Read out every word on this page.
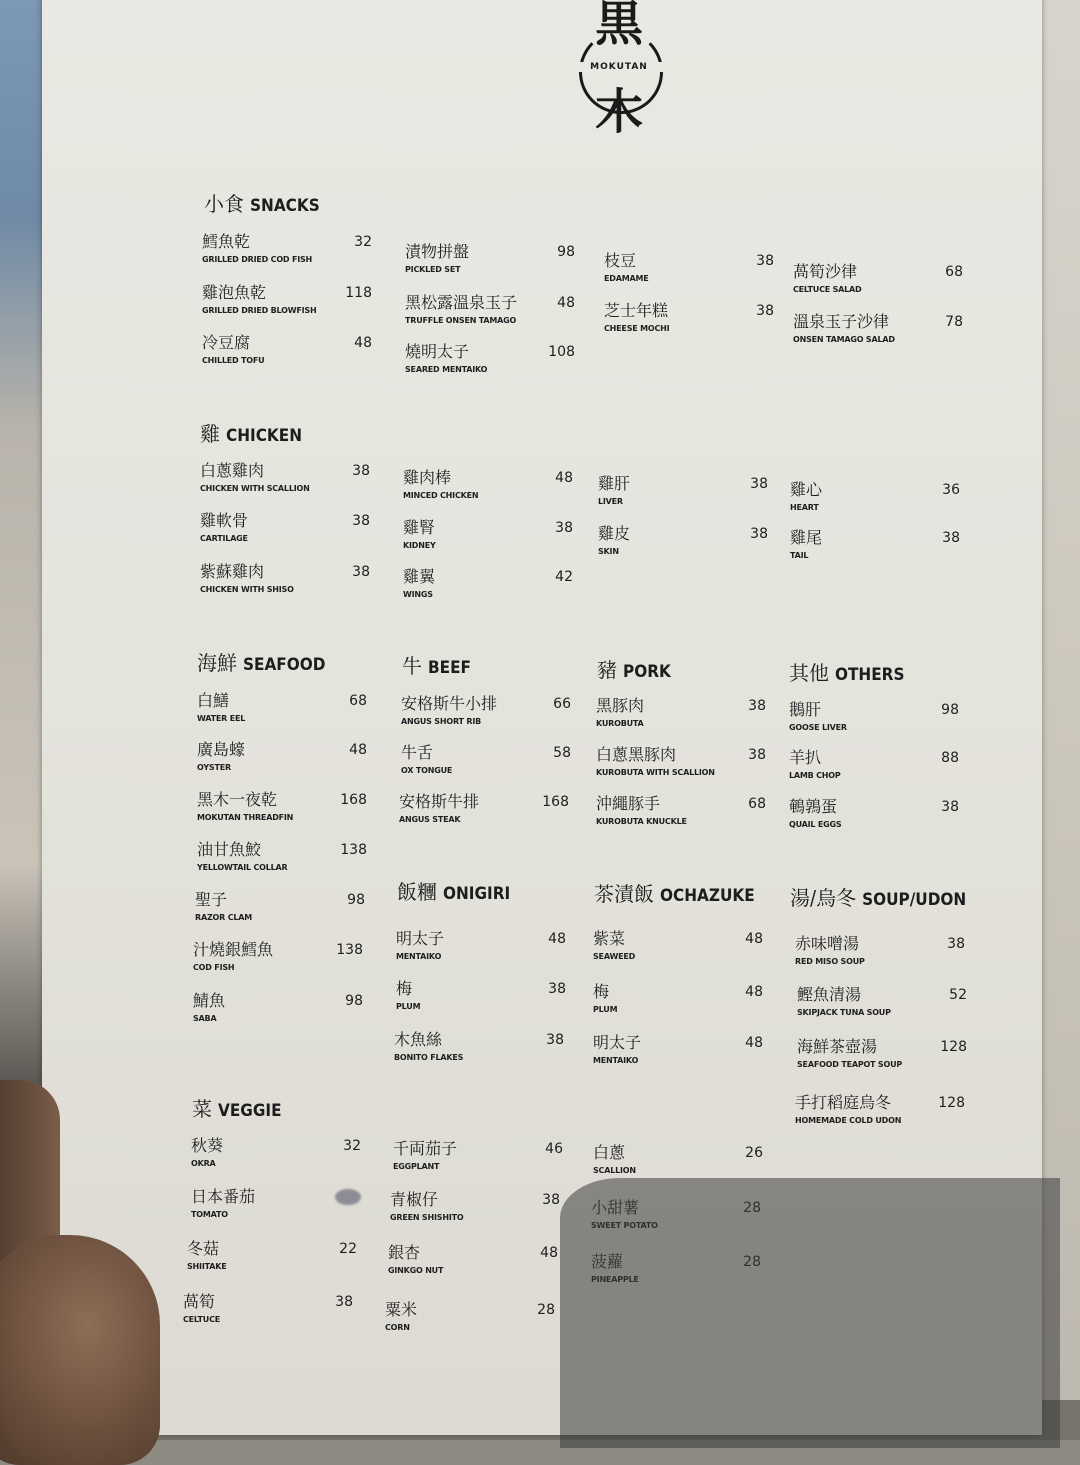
黒
MOKUTAN
木
小食 SNACKS
鱈魚乾
GRILLED DRIED COD FISH
32
雞泡魚乾
GRILLED DRIED BLOWFISH
118
冷豆腐
CHILLED TOFU
48
漬物拼盤
PICKLED SET
98
黑松露溫泉玉子
TRUFFLE ONSEN TAMAGO
48
燒明太子
SEARED MENTAIKO
108
枝豆
EDAMAME
38
芝士年糕
CHEESE MOCHI
38
萵筍沙律
CELTUCE SALAD
68
溫泉玉子沙律
ONSEN TAMAGO SALAD
78
雞 CHICKEN
白蔥雞肉
CHICKEN WITH SCALLION
38
雞軟骨
CARTILAGE
38
紫蘇雞肉
CHICKEN WITH SHISO
38
雞肉棒
MINCED CHICKEN
48
雞腎
KIDNEY
38
雞翼
WINGS
42
雞肝
LIVER
38
雞皮
SKIN
38
雞心
HEART
36
雞尾
TAIL
38
海鮮 SEAFOOD
白鱔
WATER EEL
68
廣島蠔
OYSTER
48
黑木一夜乾
MOKUTAN THREADFIN
168
油甘魚鮫
YELLOWTAIL COLLAR
138
聖子
RAZOR CLAM
98
汁燒銀鱈魚
COD FISH
138
鯖魚
SABA
98
牛 BEEF
安格斯牛小排
ANGUS SHORT RIB
66
牛舌
OX TONGUE
58
安格斯牛排
ANGUS STEAK
168
豬 PORK
黑豚肉
KUROBUTA
38
白蔥黑豚肉
KUROBUTA WITH SCALLION
38
沖繩豚手
KUROBUTA KNUCKLE
68
其他 OTHERS
鵝肝
GOOSE LIVER
98
羊扒
LAMB CHOP
88
鵪鶉蛋
QUAIL EGGS
38
飯糰 ONIGIRI
明太子
MENTAIKO
48
梅
PLUM
38
木魚絲
BONITO FLAKES
38
茶漬飯 OCHAZUKE
紫菜
SEAWEED
48
梅
PLUM
48
明太子
MENTAIKO
48
湯/烏冬 SOUP/UDON
赤味噌湯
RED MISO SOUP
38
鰹魚清湯
SKIPJACK TUNA SOUP
52
海鮮茶壺湯
SEAFOOD TEAPOT SOUP
128
手打稻庭烏冬
HOMEMADE COLD UDON
128
菜 VEGGIE
秋葵
OKRA
32
日本番茄
TOMATO
冬菇
SHIITAKE
22
萵筍
CELTUCE
38
千両茄子
EGGPLANT
46
青椒仔
GREEN SHISHITO
38
銀杏
GINKGO NUT
48
粟米
CORN
28
白蔥
SCALLION
26
